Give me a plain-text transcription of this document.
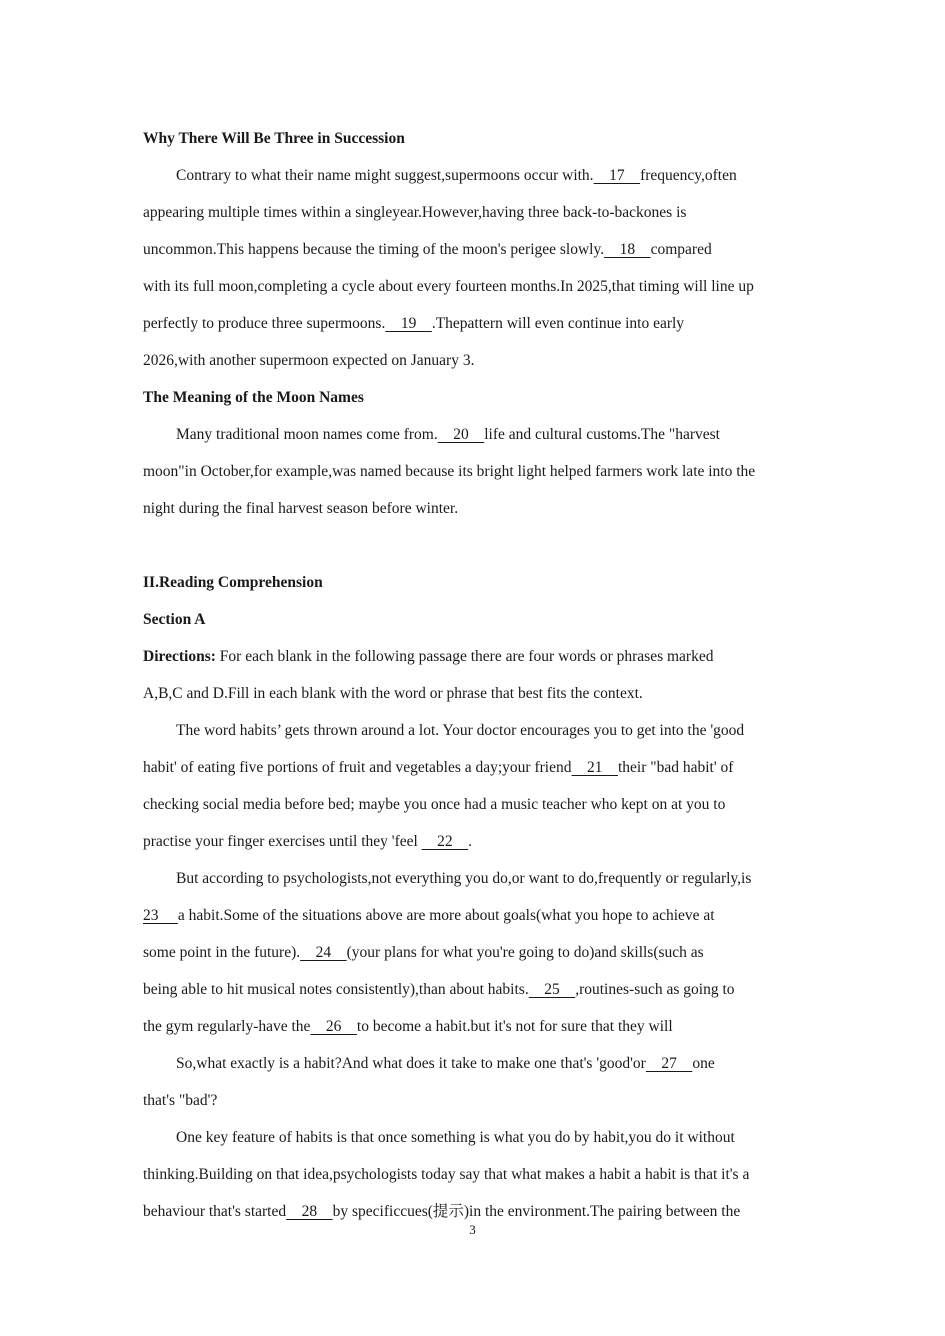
Why There Will Be Three in Succession
Contrary to what their name might suggest,supermoons occur with.    17    frequency,often
appearing multiple times within a singleyear.However,having three back-to-backones is
uncommon.This happens because the timing of the moon's perigee slowly.    18    compared
with its full moon,completing a cycle about every fourteen months.In 2025,that timing will line up
perfectly to produce three supermoons.    19    .Thepattern will even continue into early
2026,with another supermoon expected on January 3.
The Meaning of the Moon Names
Many traditional moon names come from.    20    life and cultural customs.The "harvest
moon"in October,for example,was named because its bright light helped farmers work late into the
night during the final harvest season before winter.
II.Reading Comprehension
Section A
Directions: For each blank in the following passage there are four words or phrases marked
A,B,C and D.Fill in each blank with the word or phrase that best fits the context.
The word habits’ gets thrown around a lot. Your doctor encourages you to get into the 'good
habit' of eating five portions of fruit and vegetables a day;your friend    21    their "bad habit' of
checking social media before bed; maybe you once had a music teacher who kept on at you to
practise your finger exercises until they 'feel     22    .
But according to psychologists,not everything you do,or want to do,frequently or regularly,is
23     a habit.Some of the situations above are more about goals(what you hope to achieve at
some point in the future).    24    (your plans for what you're going to do)and skills(such as
being able to hit musical notes consistently),than about habits.    25    ,routines-such as going to
the gym regularly-have the    26    to become a habit.but it's not for sure that they will
So,what exactly is a habit?And what does it take to make one that's 'good'or    27    one
that's "bad'?
One key feature of habits is that once something is what you do by habit,you do it without
thinking.Building on that idea,psychologists today say that what makes a habit a habit is that it's a
behaviour that's started    28    by specificcues(提示)in the environment.The pairing between the
3
